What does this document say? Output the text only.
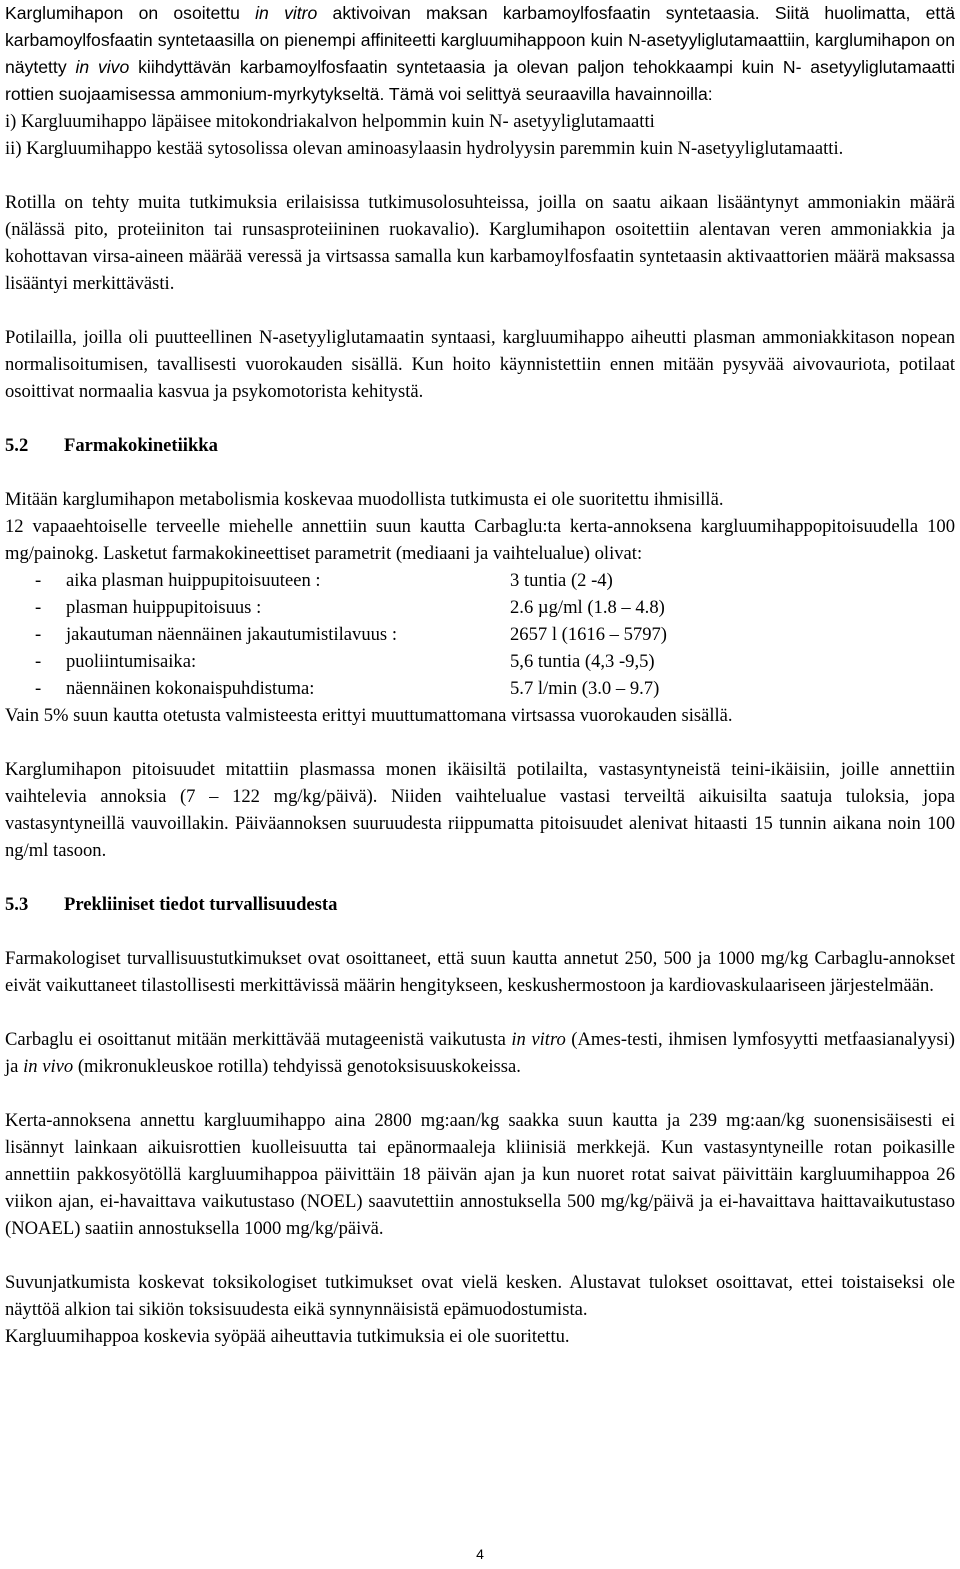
Karglumihapon on osoitettu in vitro aktivoivan maksan karbamoylfosfaatin syntetaasia. Siitä huolimatta, että karbamoylfosfaatin syntetaasilla on pienempi affiniteetti kargluumihappoon kuin N-asetyyliglutamaattiin, karglumihapon on näytetty in vivo kiihdyttävän karbamoylfosfaatin syntetaasia ja olevan paljon tehokkaampi kuin N- asetyyliglutamaatti rottien suojaamisessa ammonium-myrkytykseltä. Tämä voi selittyä seuraavilla havainnoilla:

i) Kargluumihappo läpäisee mitokondriakalvon helpommin kuin N- asetyyliglutamaatti

ii) Kargluumihappo kestää sytosolissa olevan aminoasylaasin hydrolyysin paremmin kuin N-asetyyliglutamaatti.

Rotilla on tehty muita tutkimuksia erilaisissa tutkimusolosuhteissa, joilla on saatu aikaan lisääntynyt ammoniakin määrä (nälässä pito, proteiiniton tai runsasproteiininen ruokavalio). Karglumihapon osoitettiin alentavan veren ammoniakkia ja kohottavan virsa-aineen määrää veressä ja virtsassa samalla kun karbamoylfosfaatin syntetaasin aktivaattorien määrä maksassa lisääntyi merkittävästi.

Potilailla, joilla oli puutteellinen N-asetyyliglutamaatin syntaasi, kargluumihappo aiheutti plasman ammoniakkitason nopean normalisoitumisen, tavallisesti vuorokauden sisällä. Kun hoito käynnistettiin ennen mitään pysyvää aivovauriota, potilaat osoittivat normaalia kasvua ja psykomotorista kehitystä.

5.2	Farmakokinetiikka

Mitään karglumihapon metabolismia koskevaa muodollista tutkimusta ei ole suoritettu ihmisillä.

12 vapaaehtoiselle terveelle miehelle annettiin suun kautta Carbaglu:ta kerta-annoksena kargluumihappopitoisuudella 100 mg/painokg. Lasketut farmakokineettiset parametrit (mediaani ja vaihtelualue) olivat:

-	aika plasman huippupitoisuuteen :	3 tuntia (2 -4)
-	plasman huippupitoisuus :	2.6 µg/ml (1.8 – 4.8)
-	jakautuman näennäinen jakautumistilavuus :	2657 l (1616 – 5797)
-	puoliintumisaika:	5,6 tuntia (4,3 -9,5)
-	näennäinen kokonaispuhdistuma:	5.7 l/min (3.0 – 9.7)

Vain 5% suun kautta otetusta valmisteesta erittyi muuttumattomana virtsassa vuorokauden sisällä.

Karglumihapon pitoisuudet mitattiin plasmassa monen ikäisiltä potilailta, vastasyntyneistä teini-ikäisiin, joille annettiin vaihtelevia annoksia (7 – 122 mg/kg/päivä). Niiden vaihtelualue vastasi terveiltä aikuisilta saatuja tuloksia, jopa vastasyntyneillä vauvoillakin. Päiväannoksen suuruudesta riippumatta pitoisuudet alenivat hitaasti 15 tunnin aikana noin 100 ng/ml tasoon.

5.3	Prekliiniset tiedot turvallisuudesta

Farmakologiset turvallisuustutkimukset ovat osoittaneet, että suun kautta annetut 250, 500 ja 1000 mg/kg Carbaglu-annokset eivät vaikuttaneet tilastollisesti merkittävissä määrin hengitykseen, keskushermostoon ja kardiovaskulaariseen järjestelmään.

Carbaglu ei osoittanut mitään merkittävää mutageenistä vaikutusta in vitro (Ames-testi, ihmisen lymfosyytti metfaasianalyysi) ja in vivo (mikronukleuskoe rotilla) tehdyissä genotoksisuuskokeissa.

Kerta-annoksena annettu kargluumihappo aina 2800 mg:aan/kg saakka suun kautta ja 239 mg:aan/kg suonensisäisesti ei lisännyt lainkaan aikuisrottien kuolleisuutta tai epänormaaleja kliinisiä merkkejä. Kun vastasyntyneille rotan poikasille annettiin pakkosyötöllä kargluumihappoa päivittäin 18 päivän ajan ja kun nuoret rotat saivat päivittäin kargluumihappoa 26 viikon ajan, ei-havaittava vaikutustaso (NOEL) saavutettiin annostuksella 500 mg/kg/päivä ja ei-havaittava haittavaikutustaso (NOAEL) saatiin annostuksella 1000 mg/kg/päivä.

Suvunjatkumista koskevat toksikologiset tutkimukset ovat vielä kesken. Alustavat tulokset osoittavat, ettei toistaiseksi ole näyttöä alkion tai sikiön toksisuudesta eikä synnynnäisistä epämuodostumista.

Kargluumihappoa koskevia syöpää aiheuttavia tutkimuksia ei ole suoritettu.

4
